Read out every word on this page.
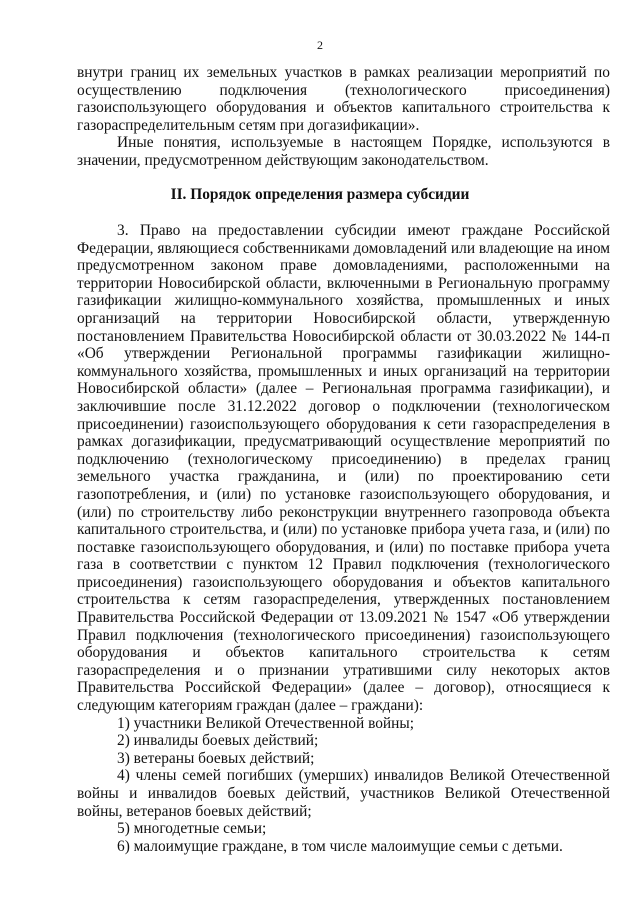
2

внутри границ их земельных участков в рамках реализации мероприятий по осуществлению подключения (технологического присоединения) газоиспользующего оборудования и объектов капитального строительства к газораспределительным сетям при догазификации».

Иные понятия, используемые в настоящем Порядке, используются в значении, предусмотренном действующим законодательством.

II. Порядок определения размера субсидии

3. Право на предоставлении субсидии имеют граждане Российской Федерации, являющиеся собственниками домовладений или владеющие на ином предусмотренном законом праве домовладениями, расположенными на территории Новосибирской области, включенными в Региональную программу газификации жилищно-коммунального хозяйства, промышленных и иных организаций на территории Новосибирской области, утвержденную постановлением Правительства Новосибирской области от 30.03.2022 № 144-п «Об утверждении Региональной программы газификации жилищно-коммунального хозяйства, промышленных и иных организаций на территории Новосибирской области» (далее – Региональная программа газификации), и заключившие после 31.12.2022 договор о подключении (технологическом присоединении) газоиспользующего оборудования к сети газораспределения в рамках догазификации, предусматривающий осуществление мероприятий по подключению (технологическому присоединению) в пределах границ земельного участка гражданина, и (или) по проектированию сети газопотребления, и (или) по установке газоиспользующего оборудования, и (или) по строительству либо реконструкции внутреннего газопровода объекта капитального строительства, и (или) по установке прибора учета газа, и (или) по поставке газоиспользующего оборудования, и (или) по поставке прибора учета газа в соответствии с пунктом 12 Правил подключения (технологического присоединения) газоиспользующего оборудования и объектов капитального строительства к сетям газораспределения, утвержденных постановлением Правительства Российской Федерации от 13.09.2021 № 1547 «Об утверждении Правил подключения (технологического присоединения) газоиспользующего оборудования и объектов капитального строительства к сетям газораспределения и о признании утратившими силу некоторых актов Правительства Российской Федерации» (далее – договор), относящиеся к следующим категориям граждан (далее – граждани):

1) участники Великой Отечественной войны;

2) инвалиды боевых действий;

3) ветераны боевых действий;

4) члены семей погибших (умерших) инвалидов Великой Отечественной войны и инвалидов боевых действий, участников Великой Отечественной войны, ветеранов боевых действий;

5) многодетные семьи;

6) малоимущие граждане, в том числе малоимущие семьи с детьми.
